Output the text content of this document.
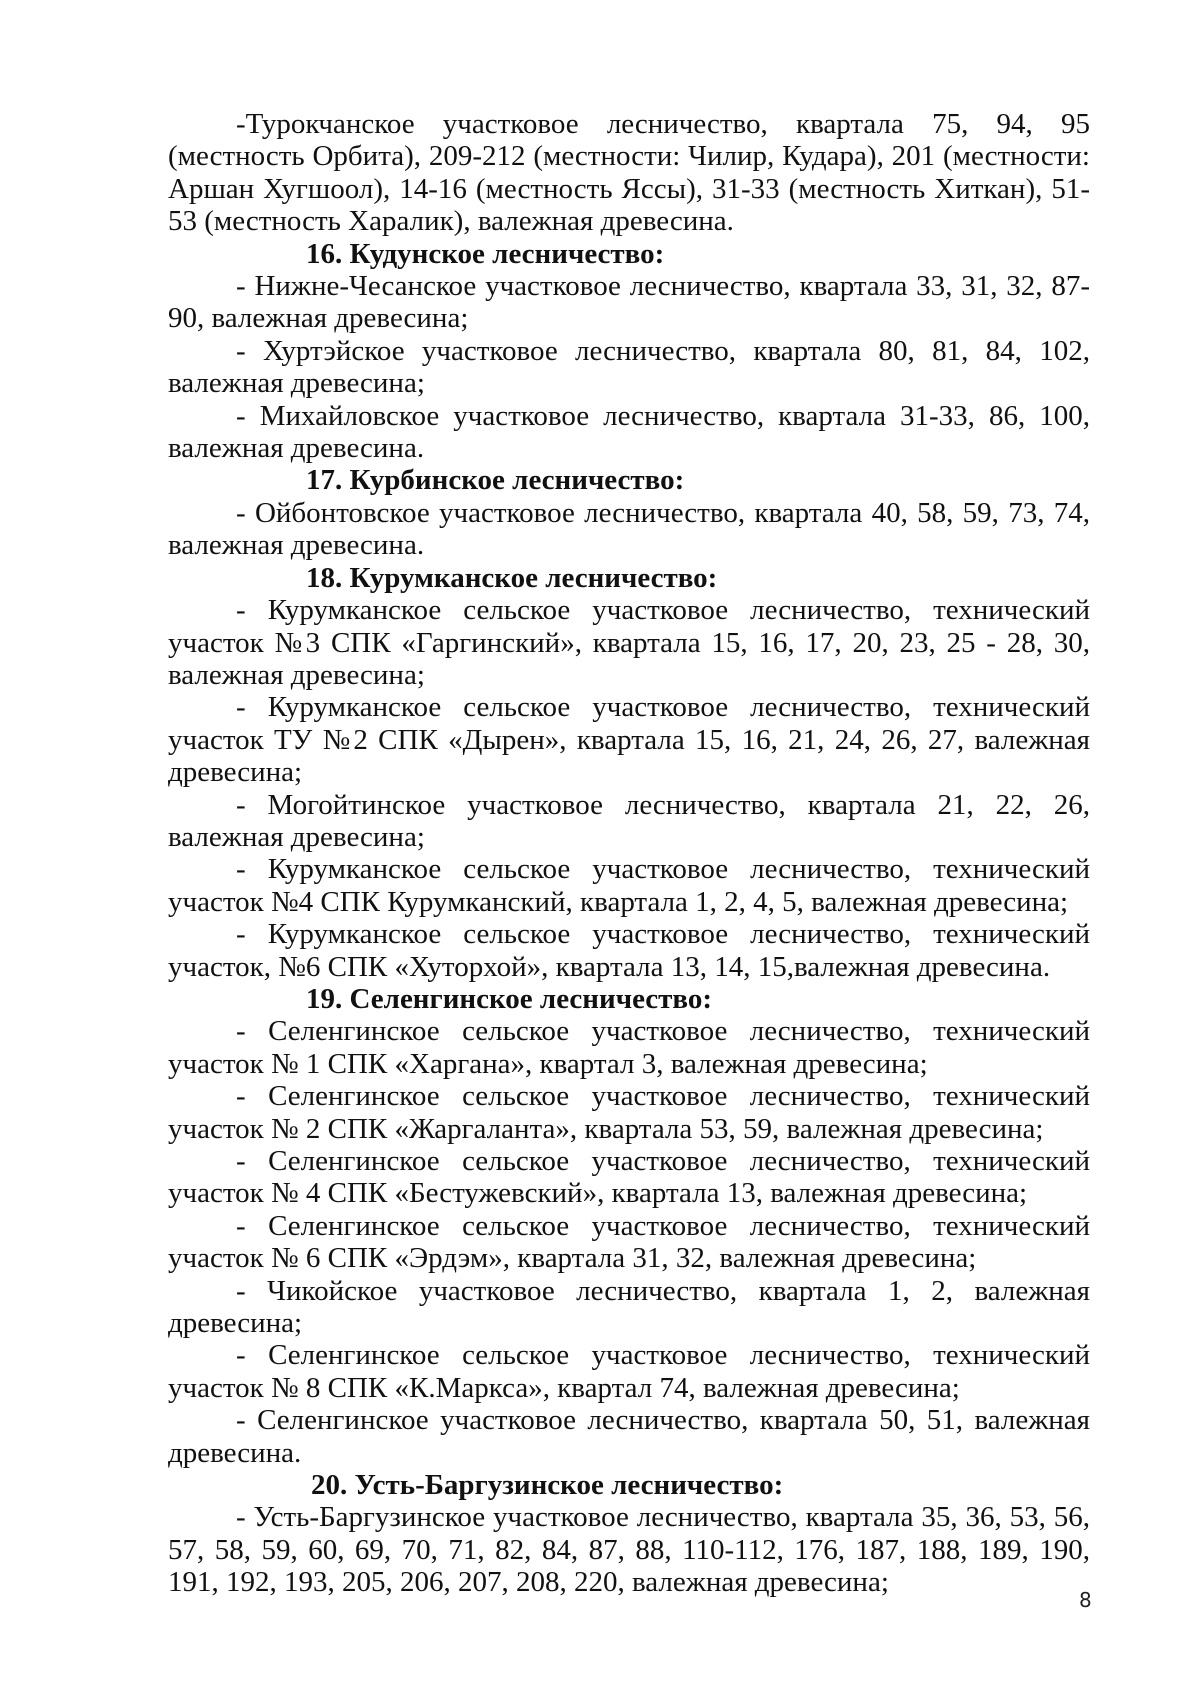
-Турокчанское участковое лесничество, квартала 75, 94, 95 (местность Орбита), 209-212 (местности: Чилир, Кудара), 201 (местности: Аршан Хугшоол), 14-16 (местность Яссы), 31-33 (местность Хиткан), 51-53 (местность Харалик), валежная древесина.

16. Кудунское лесничество:

- Нижне-Чесанское участковое лесничество, квартала 33, 31, 32, 87-90, валежная древесина;

- Хуртэйское участковое лесничество, квартала 80, 81, 84, 102, валежная древесина;

- Михайловское участковое лесничество, квартала 31-33, 86, 100, валежная древесина.

17. Курбинское лесничество:

- Ойбонтовское участковое лесничество, квартала 40, 58, 59, 73, 74, валежная древесина.

18. Курумканское лесничество:

- Курумканское сельское участковое лесничество, технический участок №3 СПК «Гаргинский», квартала 15, 16, 17, 20, 23, 25 - 28, 30, валежная древесина;

- Курумканское сельское участковое лесничество, технический участок ТУ №2 СПК «Дырен», квартала 15, 16, 21, 24, 26, 27, валежная древесина;

- Могойтинское участковое лесничество, квартала 21, 22, 26, валежная древесина;

- Курумканское сельское участковое лесничество, технический участок №4 СПК Курумканский, квартала 1, 2, 4, 5, валежная древесина;

- Курумканское сельское участковое лесничество, технический участок, №6 СПК «Хуторхой», квартала 13, 14, 15,валежная древесина.

19. Селенгинское лесничество:

- Селенгинское сельское участковое лесничество, технический участок № 1 СПК «Харгана», квартал 3, валежная древесина;

- Селенгинское сельское участковое лесничество, технический участок № 2 СПК «Жаргаланта», квартала 53, 59, валежная древесина;

- Селенгинское сельское участковое лесничество, технический участок № 4 СПК «Бестужевский», квартала 13, валежная древесина;

- Селенгинское сельское участковое лесничество, технический участок № 6 СПК «Эрдэм», квартала 31, 32, валежная древесина;

- Чикойское участковое лесничество, квартала 1, 2, валежная древесина;

- Селенгинское сельское участковое лесничество, технический участок № 8 СПК «К.Маркса», квартал 74, валежная древесина;

- Селенгинское участковое лесничество, квартала 50, 51, валежная древесина.

20. Усть-Баргузинское лесничество:

- Усть-Баргузинское участковое лесничество, квартала 35, 36, 53, 56, 57, 58, 59, 60, 69, 70, 71, 82, 84, 87, 88, 110-112, 176, 187, 188, 189, 190, 191, 192, 193, 205, 206, 207, 208, 220, валежная древесина;

8
